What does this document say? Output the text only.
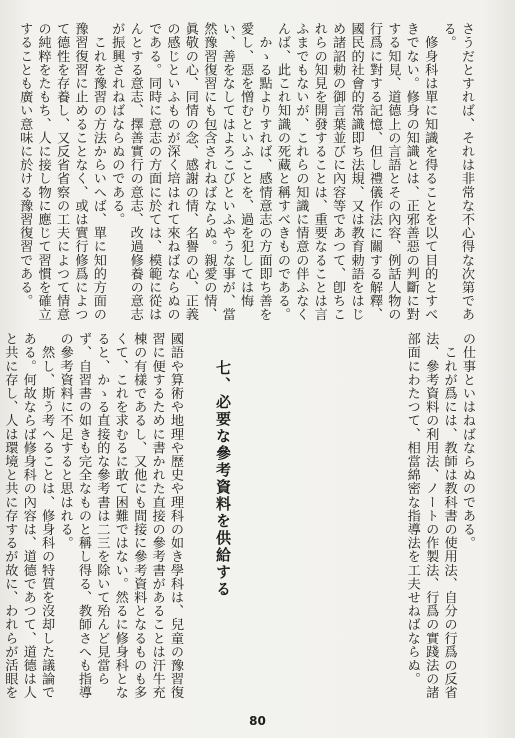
さうだとすれば、それは非常な不心得な次第である。
　修身科は單に知識を得ることを以て目的とすべきでない。修身の知識とは、正邪善惡の判斷に對する知見、道德上の言語とその內容、例話人物の行爲に對する記憶、但し禮儀作法に關する解釋、國民的社會的常識即ち法規、又は教育勅語をはじめ諸詔勅の御言葉並びに內容等であつて、卽ちこれらの知見を開發することは、重要なることは言ふまでもないが、これらの知識に情意の伴ふなくんば、此これ知識の死藏と稱すべきものである。
　かゝる點よりすれば、感情意志の方面即ち善を愛し、惡を憎むといふことを、過を犯しては悔い、善をなしてはよろこびといふやうな事が、當然豫習復習にも包含されねばならぬ。親愛の情、眞敬の心、同情の念、感謝の情、名譽の心、正義の感じといふものが深く培はれて來ねばならぬのである。同時に意志の方面に於ては、模範に從はんとする意志、擇善實行の意志、改過修養の意志が振興されねばならぬのである。
　これを豫習の方法からいへば、單に知的方面の豫習復習に止めることなく、或は實行修爲によつて德性を存養し、又反省省察の工夫によつて情意の純粹をたもち、人に接し物に應じて習慣を確立することも廣い意味に於ける豫習復習である。
の仕事といはねばならぬのである。
　これが爲には、教師は教科書の使用法、自分の行爲の反省法、參考資料の利用法、ノートの作製法、行爲の實踐法の諸部面にわたつて、相當綿密な指導法を工夫せねばならぬ。
七、必要な參考資料を供給する
國語や算術や地理や歷史や理科の如き學科は、兒童の豫習復習に便するために書かれた直接の參考書があることは汗牛充棟の有樣であるし、又他にも間接に參考資料となるものも多くて、これを求むるに敢て困難ではない。然るに修身科となると、かゝる直接的な參考書は二三を除いて殆んど見當らず、自習書の如きも完全なものと稱し得る、教師さへも指導の參考資料に不足すると思はれる。
　然し、斯う考へることは、修身科の特質を沒却した議論である。何故ならば修身科の內容は、道德であつて、道德は人と共に存し、人は環境と共に存するが故に、われらが活眼を
80
